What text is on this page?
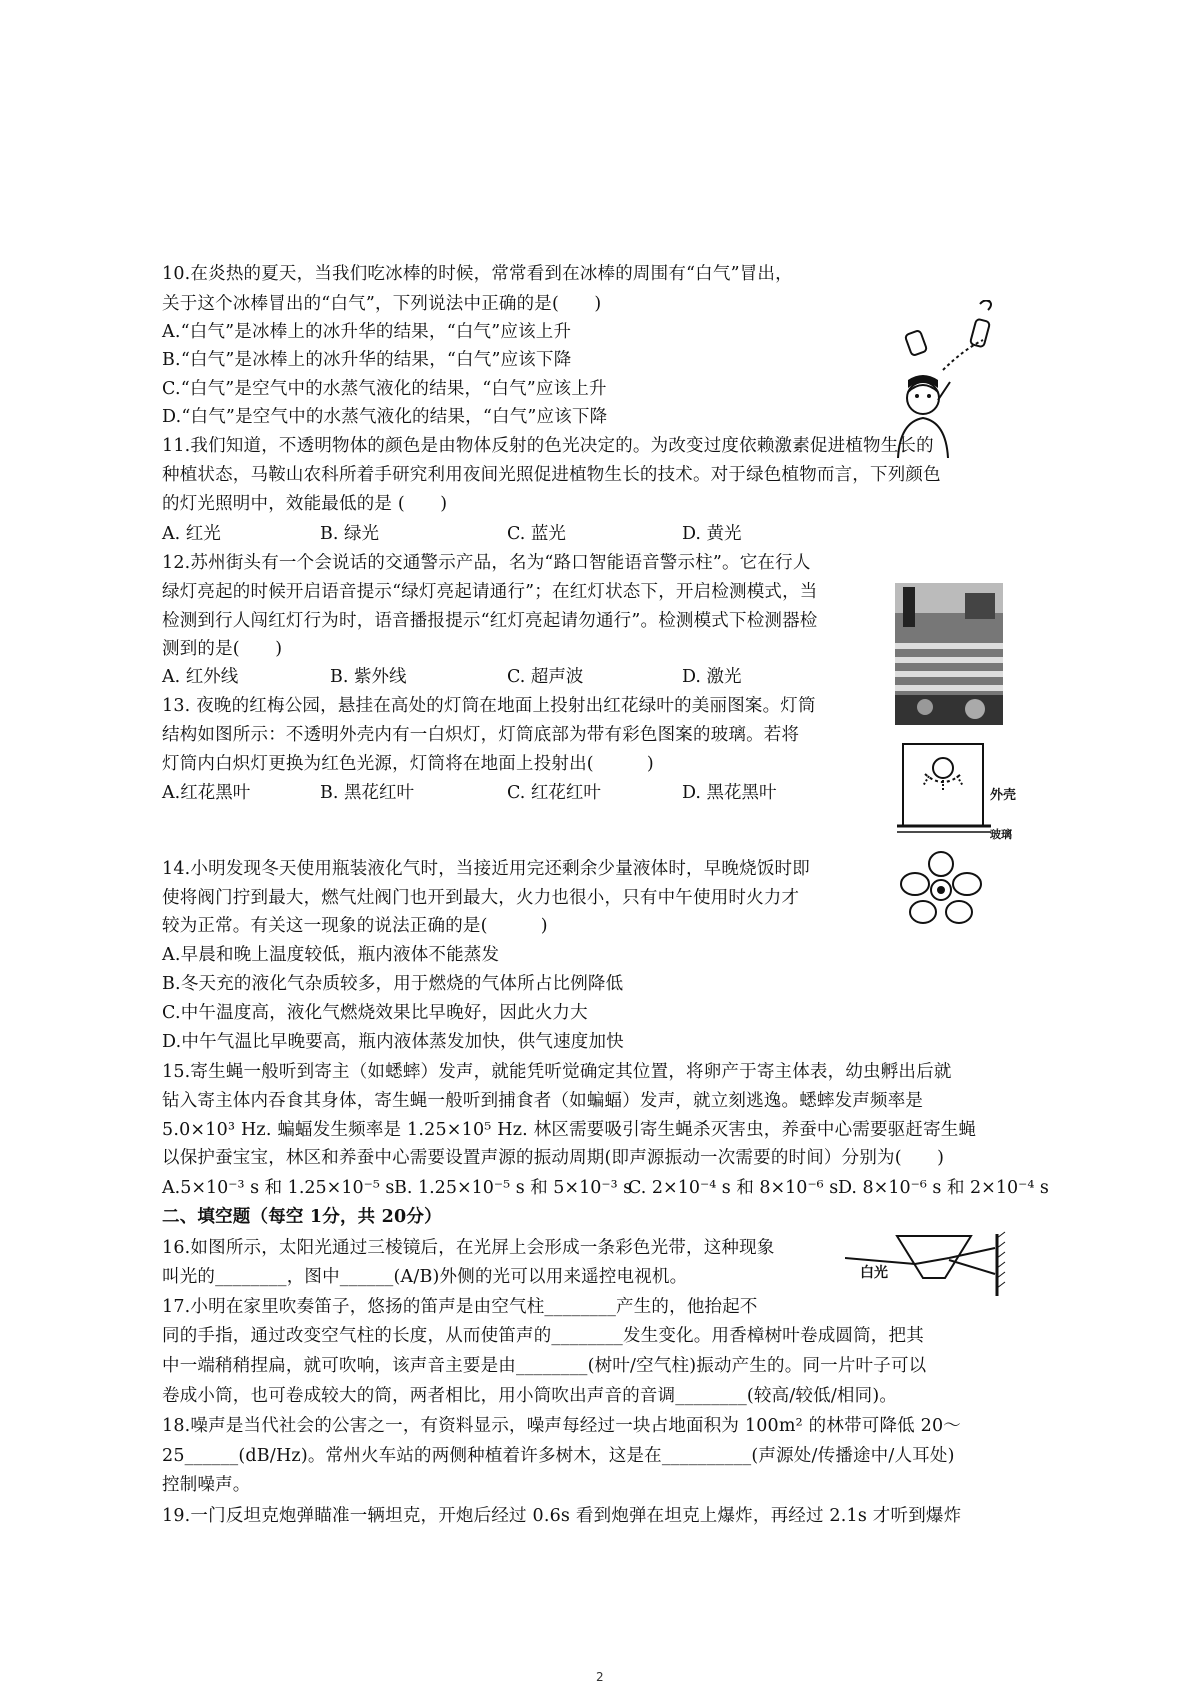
10.在炎热的夏天，当我们吃冰棒的时候，常常看到在冰棒的周围有“白气”冒出，
关于这个冰棒冒出的“白气”，下列说法中正确的是(　　)
A.“白气”是冰棒上的冰升华的结果，“白气”应该上升
B.“白气”是冰棒上的冰升华的结果，“白气”应该下降
C.“白气”是空气中的水蒸气液化的结果，“白气”应该上升
D.“白气”是空气中的水蒸气液化的结果，“白气”应该下降
11.我们知道，不透明物体的颜色是由物体反射的色光决定的。为改变过度依赖激素促进植物生长的
种植状态，马鞍山农科所着手研究利用夜间光照促进植物生长的技术。对于绿色植物而言，下列颜色
的灯光照明中，效能最低的是 (　　)
A. 红光	B. 绿光	C. 蓝光	D. 黄光
12.苏州街头有一个会说话的交通警示产品，名为“路口智能语音警示柱”。它在行人
绿灯亮起的时候开启语音提示“绿灯亮起请通行”；在红灯状态下，开启检测模式，当
检测到行人闯红灯行为时，语音播报提示“红灯亮起请勿通行”。检测模式下检测器检
测到的是(　　)
A. 红外线	B. 紫外线	C. 超声波	D. 激光
13. 夜晚的红梅公园，悬挂在高处的灯筒在地面上投射出红花绿叶的美丽图案。灯筒
结构如图所示：不透明外壳内有一白炽灯，灯筒底部为带有彩色图案的玻璃。若将
灯筒内白炽灯更换为红色光源，灯筒将在地面上投射出(　　　)
A.红花黑叶	B. 黑花红叶	C. 红花红叶	D. 黑花黑叶	外壳
玻璃
14.小明发现冬天使用瓶装液化气时，当接近用完还剩余少量液体时，早晚烧饭时即
使将阀门拧到最大，燃气灶阀门也开到最大，火力也很小，只有中午使用时火力才
较为正常。有关这一现象的说法正确的是(　　　)
A.早晨和晚上温度较低，瓶内液体不能蒸发
B.冬天充的液化气杂质较多，用于燃烧的气体所占比例降低
C.中午温度高，液化气燃烧效果比早晚好，因此火力大
D.中午气温比早晚要高，瓶内液体蒸发加快，供气速度加快
15.寄生蝇一般听到寄主（如蟋蟀）发声，就能凭听觉确定其位置，将卵产于寄主体表，幼虫孵出后就
钻入寄主体内吞食其身体，寄生蝇一般听到捕食者（如蝙蝠）发声，就立刻逃逸。蟋蟀发声频率是
5.0×10³ Hz. 蝙蝠发生频率是 1.25×10⁵ Hz. 林区需要吸引寄生蝇杀灭害虫，养蚕中心需要驱赶寄生蝇
以保护蚕宝宝，林区和养蚕中心需要设置声源的振动周期(即声源振动一次需要的时间）分别为(　　)
A.5×10⁻³ s 和 1.25×10⁻⁵ s B. 1.25×10⁻⁵ s 和 5×10⁻³ s
C. 2×10⁻⁴ s 和 8×10⁻⁶ s D. 8×10⁻⁶ s 和 2×10⁻⁴ s
二、填空题（每空 1分，共 20分）
16.如图所示，太阳光通过三棱镜后，在光屏上会形成一条彩色光带，这种现象
叫光的________，图中______(A/B)外侧的光可以用来遥控电视机。	白光
17.小明在家里吹奏笛子，悠扬的笛声是由空气柱________产生的，他抬起不
同的手指，通过改变空气柱的长度，从而使笛声的________发生变化。用香樟树叶卷成圆筒，把其
中一端稍稍捏扁，就可吹响，该声音主要是由________(树叶/空气柱)振动产生的。同一片叶子可以
卷成小筒，也可卷成较大的筒，两者相比，用小筒吹出声音的音调________(较高/较低/相同)。
18.噪声是当代社会的公害之一，有资料显示，噪声每经过一块占地面积为 100m² 的林带可降低 20～
25______(dB/Hz)。常州火车站的两侧种植着许多树木，这是在__________(声源处/传播途中/人耳处)
控制噪声。
19.一门反坦克炮弹瞄准一辆坦克，开炮后经过 0.6s 看到炮弹在坦克上爆炸，再经过 2.1s 才听到爆炸
2
